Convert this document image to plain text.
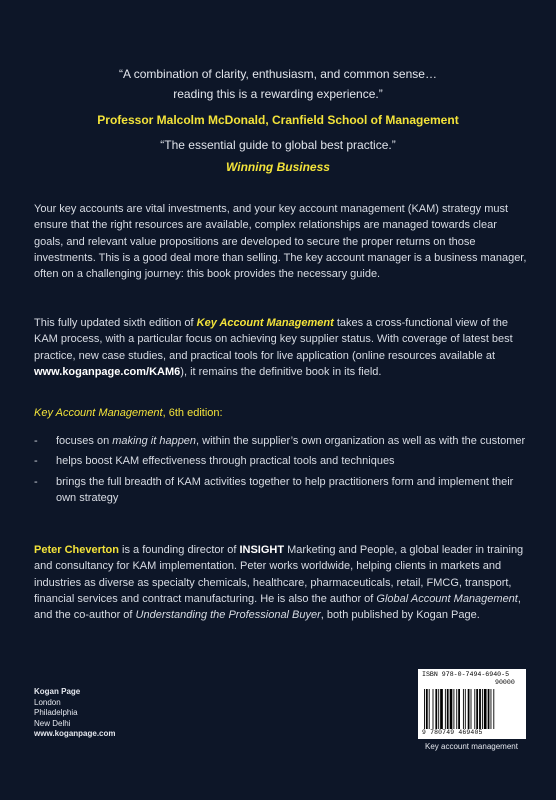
“A combination of clarity, enthusiasm, and common sense…
reading this is a rewarding experience.”
Professor Malcolm McDonald, Cranfield School of Management
“The essential guide to global best practice.”
Winning Business

Your key accounts are vital investments, and your key account management (KAM) strategy must ensure that the right resources are available, complex relationships are managed towards clear goals, and relevant value propositions are developed to secure the proper returns on those investments. This is a good deal more than selling. The key account manager is a business manager, often on a challenging journey: this book provides the necessary guide.

This fully updated sixth edition of Key Account Management takes a cross-functional view of the KAM process, with a particular focus on achieving key supplier status. With coverage of latest best practice, new case studies, and practical tools for live application (online resources available at www.koganpage.com/KAM6), it remains the definitive book in its field.

Key Account Management, 6th edition:

- focuses on making it happen, within the supplier’s own organization as well as with the customer
- helps boost KAM effectiveness through practical tools and techniques
- brings the full breadth of KAM activities together to help practitioners form and implement their own strategy

Peter Cheverton is a founding director of INSIGHT Marketing and People, a global leader in training and consultancy for KAM implementation. Peter works worldwide, helping clients in markets and industries as diverse as specialty chemicals, healthcare, pharmaceuticals, retail, FMCG, transport, financial services and contract manufacturing. He is also the author of Global Account Management, and the co-author of Understanding the Professional Buyer, both published by Kogan Page.

Kogan Page
London
Philadelphia
New Delhi
www.koganpage.com
ISBN 978-0-7494-6940-5
90000
9 780749 469405
Key account management
